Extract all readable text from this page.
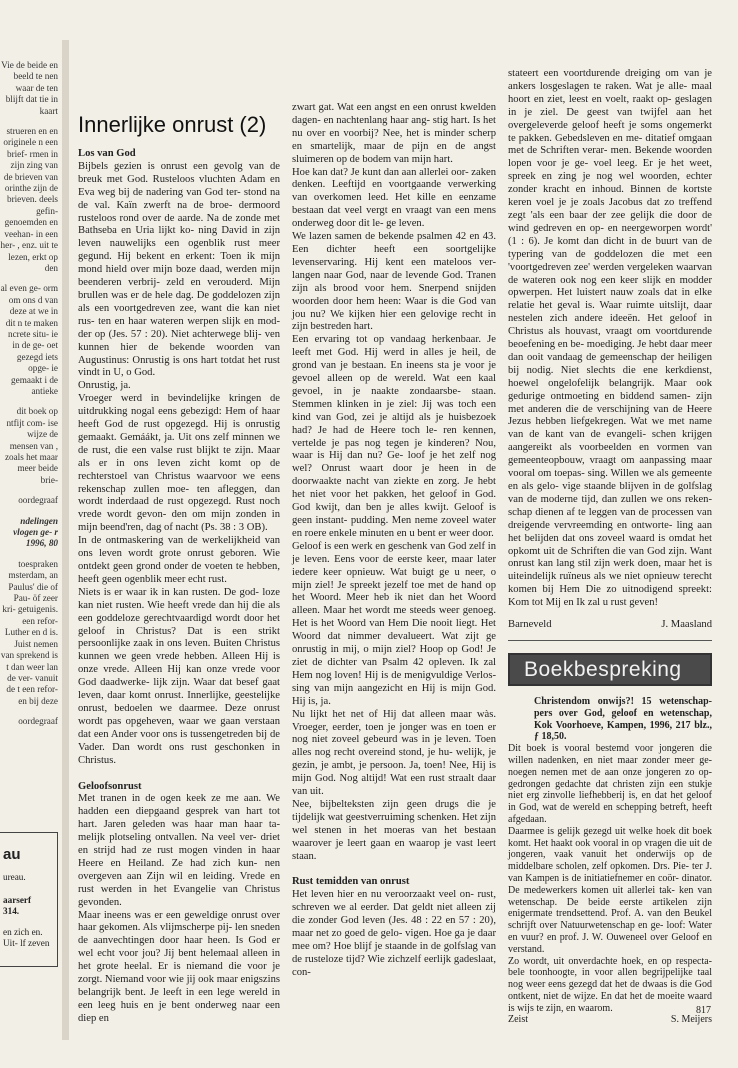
Vie de beide en beeld te nen waar de ten blijft dat tie in kaart
strueren en en originele n een brief- rmen in zijn zing van de brieven van orinthe zijn de brieven. deels gefin- genoemden en veehan- in een her- , enz. uit te lezen, erkt op den
al even ge- orm om ons d van deze at we in dit n te maken ncrete situ- ie in de ge- oet gezegd iets opge- ie gemaakt i de antieke
dit boek op ntfijt com- ise wijze de mensen van , zoals het maar meer beide brie-
oordegraaf
ndelingen vlogen ge- r 1996, 80
toespraken msterdam, an Paulus' die of Pau- öf zeer kri- getuigenis. een refor- Luther en d is. Juist nemen van sprekend is t dan weer lan de ver- vanuit de t een refor- en bij deze
oordegraaf
au
ureau.
aarserf
314.
en zich en. Uit- lf zeven
Innerlijke onrust (2)

Los van God

Bijbels gezien is onrust een gevolg van de breuk met God. Rusteloos vluchten Adam en Eva weg bij de nadering van God ter- stond na de val. Kaïn zwerft na de broe- dermoord rusteloos rond over de aarde. Na de zonde met Bathseba en Uria lijkt ko- ning David in zijn leven nauwelijks een ogenblik rust meer gegund. Hij bekent en erkent: Toen ik mijn mond hield over mijn boze daad, werden mijn beenderen verbrij- zeld en verouderd. Mijn brullen was er de hele dag. De goddelozen zijn als een voortgedreven zee, want die kan niet rus- ten en haar wateren werpen slijk en mod- der op (Jes. 57 : 20). Niet achterwege blij- ven kunnen hier de bekende woorden van Augustinus: Onrustig is ons hart totdat het rust vindt in U, o God.

Onrustig, ja.

Vroeger werd in bevindelijke kringen de uitdrukking nogal eens gebezigd: Hem of haar heeft God de rust opgezegd. Hij is onrustig gemaakt. Gemáákt, ja. Uit ons zelf minnen we de rust, die een valse rust blijkt te zijn. Maar als er in ons leven zicht komt op de rechterstoel van Christus waarvoor we eens rekenschap zullen moe- ten afleggen, dan wordt inderdaad de rust opgezegd. Rust noch vrede wordt gevon- den om mijn zonden in mijn beend'ren, dag of nacht (Ps. 38 : 3 OB).

In de ontmaskering van de werkelijkheid van ons leven wordt grote onrust geboren. Wie ontdekt geen grond onder de voeten te hebben, heeft geen ogenblik meer echt rust.

Niets is er waar ik in kan rusten. De god- loze kan niet rusten. Wie heeft vrede dan hij die als een goddeloze gerechtvaardigd wordt door het geloof in Christus? Dat is een strikt persoonlijke zaak in ons leven. Buiten Christus kunnen we geen vrede hebben. Alleen Hij is onze vrede. Alleen Hij kan onze vrede voor God daadwerke- lijk zijn. Waar dat besef gaat leven, daar komt onrust. Innerlijke, geestelijke onrust, bedoelen we daarmee. Deze onrust wordt pas opgeheven, waar we gaan verstaan dat een Ander voor ons is tussengetreden bij de Vader. Dan wordt ons rust geschonken in Christus.

Geloofsonrust

Met tranen in de ogen keek ze me aan. We hadden een diepgaand gesprek van hart tot hart. Jaren geleden was haar man haar ta- melijk plotseling ontvallen. Na veel ver- driet en strijd had ze rust mogen vinden in haar Heere en Heiland. Ze had zich kun- nen overgeven aan Zijn wil en leiding. Vrede en rust werden in het Evangelie van Christus gevonden.

Maar ineens was er een geweldige onrust over haar gekomen. Als vlijmscherpe pij- len sneden de aanvechtingen door haar heen. Is God er wel echt voor jou? Jij bent helemaal alleen in het grote heelal. Er is niemand die voor je zorgt. Niemand voor wie jij ook maar enigszins belangrijk bent. Je leeft in een lege wereld in een leeg huis en je bent onderweg naar een diep en

zwart gat. Wat een angst en een onrust kwelden dagen- en nachtenlang haar ang- stig hart. Is het nu over en voorbij? Nee, het is minder scherp en smartelijk, maar de pijn en de angst sluimeren op de bodem van mijn hart.

Hoe kan dat? Je kunt dan aan allerlei oor- zaken denken. Leeftijd en voortgaande verwerking van overkomen leed. Het kille en eenzame bestaan dat veel vergt en vraagt van een mens onderweg door dit le- ge leven.

We lazen samen de bekende psalmen 42 en 43. Een dichter heeft een soortgelijke levenservaring. Hij kent een mateloos ver- langen naar God, naar de levende God. Tranen zijn als brood voor hem. Snerpend snijden woorden door hem heen: Waar is die God van jou nu? We kijken hier een gelovige recht in zijn bestreden hart.

Een ervaring tot op vandaag herkenbaar. Je leeft met God. Hij werd in alles je heil, de grond van je bestaan. En ineens sta je voor je gevoel alleen op de wereld. Wat een kaal gevoel, in je naakte zondaarsbe- staan. Stemmen klinken in je ziel: Jij was toch een kind van God, zei je altijd als je huisbezoek had? Je had de Heere toch le- ren kennen, vertelde je pas nog tegen je kinderen? Nou, waar is Hij dan nu? Ge- loof je het zelf nog wel? Onrust waart door je heen in de doorwaakte nacht van ziekte en zorg. Je hebt het niet voor het pakken, het geloof in God. God kwijt, dan ben je alles kwijt. Geloof is geen instant- pudding. Men neme zoveel water en roere enkele minuten en u bent er weer door.

Geloof is een werk en geschenk van God zelf in je leven. Eens voor de eerste keer, maar later iedere keer opnieuw. Wat buigt ge u neer, o mijn ziel! Je spreekt jezelf toe met de hand op het Woord. Meer heb ik niet dan het Woord alleen. Maar het wordt me steeds weer genoeg. Het is het Woord van Hem Die nooit liegt. Het Woord dat nimmer devalueert. Wat zijt ge onrustig in mij, o mijn ziel? Hoop op God! Je ziet de dichter van Psalm 42 opleven. Ik zal Hem nog loven! Hij is de menigvuldige Verlos- sing van mijn aangezicht en Hij is mijn God. Hij is, ja.

Nu lijkt het net of Hij dat alleen maar wàs. Vroeger, eerder, toen je jonger was en toen er nog niet zoveel gebeurd was in je leven. Toen alles nog recht overeind stond, je hu- welijk, je gezin, je ambt, je persoon. Ja, toen! Nee, Hij is mijn God. Nog altijd! Wat een rust straalt daar van uit.

Nee, bijbelteksten zijn geen drugs die je tijdelijk wat geestverruiming schenken. Het zijn wel stenen in het moeras van het bestaan waarover je leert gaan en waarop je vast leert staan.

Rust temidden van onrust

Het leven hier en nu veroorzaakt veel on- rust, schreven we al eerder. Dat geldt niet alleen zij die zonder God leven (Jes. 48 : 22 en 57 : 20), maar net zo goed de gelo- vigen. Hoe ga je daar mee om? Hoe blijf je staande in de golfslag van de rusteloze tijd? Wie zichzelf eerlijk gadeslaat, con-

stateert een voortdurende dreiging om van je ankers losgeslagen te raken. Wat je alle- maal hoort en ziet, leest en voelt, raakt op- geslagen in je ziel. De geest van twijfel aan het overgeleverde geloof heeft je soms ongemerkt te pakken. Gebedsleven en me- ditatief omgaan met de Schriften verar- men. Bekende woorden lopen voor je ge- voel leeg. Er je het weet, spreek en zing je nog wel woorden, echter zonder kracht en inhoud. Binnen de kortste keren voel je je zoals Jacobus dat zo treffend zegt 'als een baar der zee gelijk die door de wind gedreven en op- en neergeworpen wordt' (1 : 6). Je komt dan dicht in de buurt van de typering van de goddelozen die met een 'voortgedreven zee' werden vergeleken waarvan de wateren ook nog een keer slijk en modder opwerpen. Het luistert nauw zoals dat in elke relatie het geval is. Waar ruimte uitslijt, daar nestelen zich andere ideeën. Het geloof in Christus als houvast, vraagt om voortdurende beoefening en be- moediging. Je hebt daar meer dan ooit vandaag de gemeenschap der heiligen bij nodig. Niet slechts die ene kerkdienst, hoewel ongelofelijk belangrijk. Maar ook gedurige ontmoeting en biddend samen- zijn met anderen die de verschijning van de Heere Jezus hebben liefgekregen. Wat we met name van de kant van de evangeli- schen krijgen aangereikt als voorbeelden en vormen van gemeenteopbouw, vraagt om aanpassing maar vooral om toepas- sing. Willen we als gemeente en als gelo- vige staande blijven in de golfslag van de moderne tijd, dan zullen we ons reken- schap dienen af te leggen van de processen van dreigende vervreemding en ontworte- ling aan het belijden dat ons zoveel waard is omdat het opkomt uit de Schriften die van God zijn. Want onrust kan lang stil zijn werk doen, maar het is uiteindelijk ruïneus als we niet opnieuw terecht komen bij Hem Die zo uitnodigend spreekt: Kom tot Mij en Ik zal u rust geven!

Barneveld	J. Maasland
Boekbespreking

Christendom onwijs?! 15 wetenschap- pers over God, geloof en wetenschap, Kok Voorhoeve, Kampen, 1996, 217 blz., ƒ 18,50.

Dit boek is vooral bestemd voor jongeren die willen nadenken, en niet maar zonder meer ge- noegen nemen met de aan onze jongeren zo op- gedrongen gedachte dat christen zijn een stukje niet erg zinvolle liefhebberij is, en dat het geloof in God, wat de wereld en schepping betreft, heeft afgedaan.

Daarmee is gelijk gezegd uit welke hoek dit boek komt. Het haakt ook vooral in op vragen die uit de jongeren, vaak vanuit het onderwijs op de middelbare scholen, zelf opkomen. Drs. Pie- ter J. van Kampen is de initiatiefnemer en coör- dinator. De medewerkers komen uit allerlei tak- ken van wetenschap. De beide eerste artikelen zijn enigermate trendsettend. Prof. A. van den Beukel schrijft over Natuurwetenschap en ge- loof: Water en vuur? en prof. J. W. Ouweneel over Geloof en verstand.

Zo wordt, uit onverdachte hoek, en op respecta- bele toonhoogte, in voor allen begrijpelijke taal nog weer eens gezegd dat het de dwaas is die God ontkent, niet de wijze. En dat het de moeite waard is wijs te zijn, en waarom.

Zeist	S. Meijers
817
